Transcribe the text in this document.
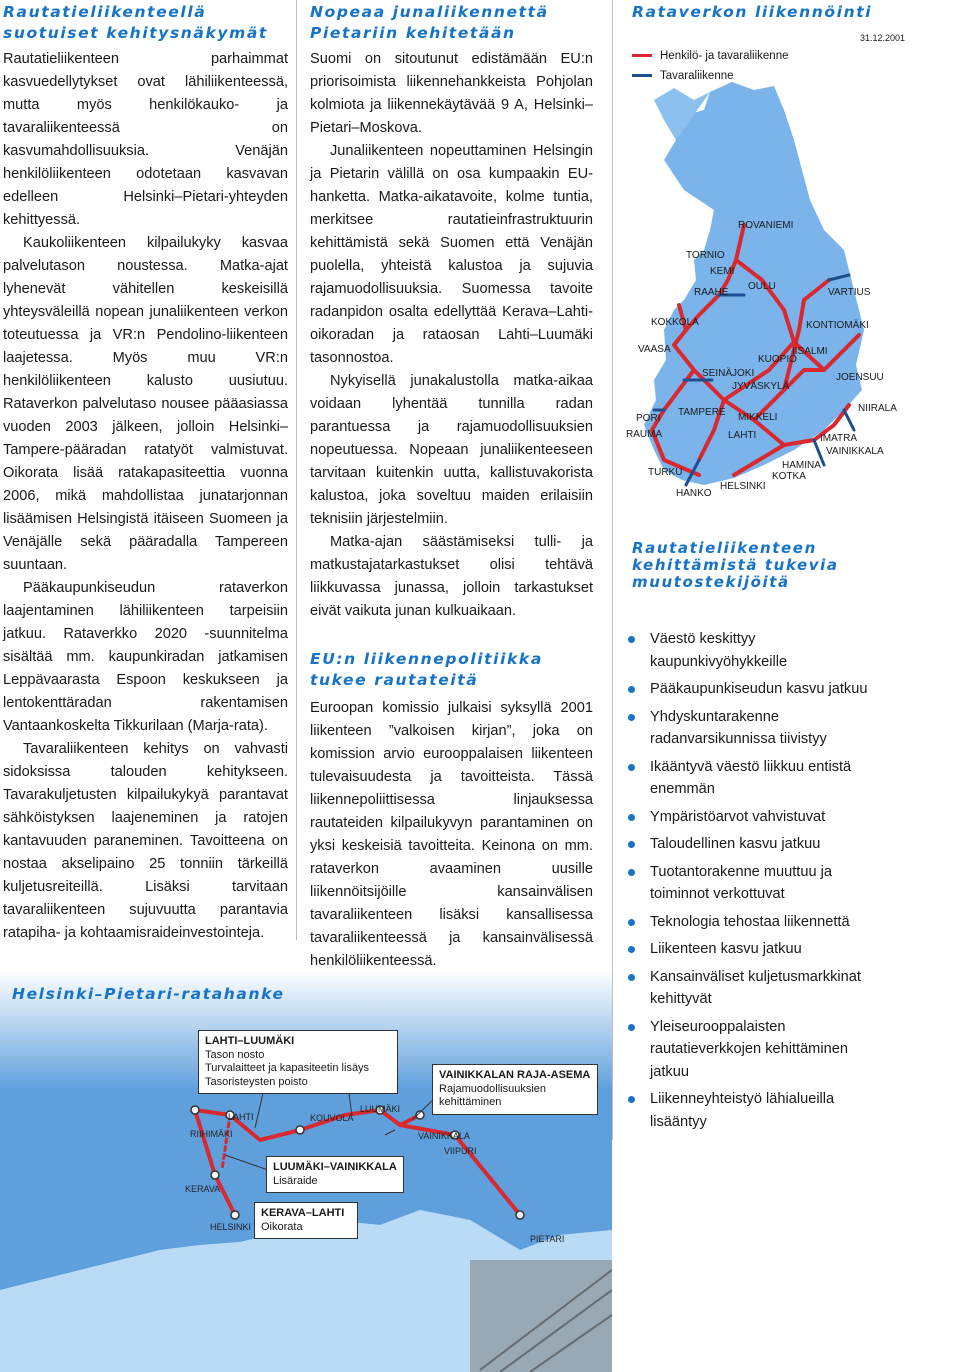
Rautatieliikenteellä
suotuiset kehitysnäkymät

Rautatieliikenteen parhaimmat kasvuedellytykset ovat lähiliikenteessä, mutta myös henkilökauko- ja tavaraliikenteessä on kasvumahdollisuuksia. Venäjän henkilöliikenteen odotetaan kasvavan edelleen Helsinki–Pietari-yhteyden kehittyessä.

Kaukoliikenteen kilpailukyky kasvaa palvelutason noustessa. Matka-ajat lyhenevät vähitellen keskeisillä yhteysväleillä nopean junaliikenteen verkon toteutuessa ja VR:n Pendolino-liikenteen laajetessa. Myös muu VR:n henkilöliikenteen kalusto uusiutuu. Rataverkon palvelutaso nousee pääasiassa vuoden 2003 jälkeen, jolloin Helsinki–Tampere-pääradan ratatyöt valmistuvat. Oikorata lisää ratakapasiteettia vuonna 2006, mikä mahdollistaa junatarjonnan lisäämisen Helsingistä itäiseen Suomeen ja Venäjälle sekä pääradalla Tampereen suuntaan.

Pääkaupunkiseudun rataverkon laajentaminen lähiliikenteen tarpeisiin jatkuu. Rataverkko 2020 -suunnitelma sisältää mm. kaupunkiradan jatkamisen Leppävaarasta Espoon keskukseen ja lentokenttäradan rakentamisen Vantaankoskelta Tikkurilaan (Marja-rata).

Tavaraliikenteen kehitys on vahvasti sidoksissa talouden kehitykseen. Tavarakuljetusten kilpailukykyä parantavat sähköistyksen laajeneminen ja ratojen kantavuuden paraneminen. Tavoitteena on nostaa akselipaino 25 tonniin tärkeillä kuljetusreiteillä. Lisäksi tarvitaan tavaraliikenteen sujuvuutta parantavia ratapiha- ja kohtaamisraideinvestointeja.

Nopeaa junaliikennettä
Pietariin kehitetään

Suomi on sitoutunut edistämään EU:n priorisoimista liikennehankkeista Pohjolan kolmiota ja liikennekäytävää 9 A, Helsinki–Pietari–Moskova.

Junaliikenteen nopeuttaminen Helsingin ja Pietarin välillä on osa kumpaakin EU-hanketta. Matka-aikatavoite, kolme tuntia, merkitsee rautatieinfrastruktuurin kehittämistä sekä Suomen että Venäjän puolella, yhteistä kalustoa ja sujuvia rajamuodollisuuksia. Suomessa tavoite radanpidon osalta edellyttää Kerava–Lahti-oikoradan ja rataosan Lahti–Luumäki tasonnostoa.

Nykyisellä junakalustolla matka-aikaa voidaan lyhentää tunnilla radan parantuessa ja rajamuodollisuuksien nopeutuessa. Nopeaan junaliikenteeseen tarvitaan kuitenkin uutta, kallistuvakorista kalustoa, joka soveltuu maiden erilaisiin teknisiin järjestelmiin.

Matka-ajan säästämiseksi tulli- ja matkustajatarkastukset olisi tehtävä liikkuvassa junassa, jolloin tarkastukset eivät vaikuta junan kulkuaikaan.

EU:n liikennepolitiikka
tukee rautateitä

Euroopan komissio julkaisi syksyllä 2001 liikenteen ”valkoisen kirjan”, joka on komission arvio eurooppalaisen liikenteen tulevaisuudesta ja tavoitteista. Tässä liikennepoliittisessa linjauksessa rautateiden kilpailukyvyn parantaminen on yksi keskeisiä tavoitteita. Keinona on mm. rataverkon avaaminen uusille liikennöitsijöille kansainvälisen tavaraliikenteen lisäksi kansallisessa tavaraliikenteessä ja kansainvälisessä henkilöliikenteessä.

Rataverkon liikennöinti
31.12.2001
Henkilö- ja tavaraliikenne
Tavaraliikenne
ROVANIEMI
TORNIO
KEMI
RAAHE
OULU
VARTIUS
KOKKOLA	KONTIOMÄKI
VAASA	IISALMI
KUOPIO
SEINÄJOKI	JOENSUU
JYVÄSKYLÄ
NIIRALA
PORI
TAMPERE MIKKELI
RAUMA	LAHTI	IMATRA
VAINIKKALA
HAMINA
TURKU	KOTKA
HELSINKI
HANKO
Rautatieliikenteen
kehittämistä tukevia
muutostekijöitä
Väestö keskittyy kaupunkivyöhykkeille
Pääkaupunkiseudun kasvu jatkuu
Yhdyskuntarakenne radanvarsikunnissa tiivistyy
Ikääntyvä väestö liikkuu entistä enemmän
Ympäristöarvot vahvistuvat
Taloudellinen kasvu jatkuu
Tuotantorakenne muuttuu ja toiminnot verkottuvat
Teknologia tehostaa liikennettä
Liikenteen kasvu jatkuu
Kansainväliset kuljetusmarkkinat kehittyvät
Yleiseurooppalaisten rautatieverkkojen kehittäminen jatkuu
Liikenneyhteistyö lähialueilla lisääntyy
Helsinki–Pietari-ratahanke
LAHTI–LUUMÄKI
Tason nosto
Turvalaitteet ja kapasiteetin lisäys
Tasoristeysten poisto
VAINIKKALAN RAJA-ASEMA
Rajamuodollisuuksien
kehittäminen
LUUMÄKI–VAINIKKALA
Lisäraide
KERAVA–LAHTI
Oikorata
RIIHIMÄKI
LAHTI	KOUVOLA
LUUMÄKI
VAINIKKALA
VIIPURI
KERAVA
HELSINKI
PIETARI
